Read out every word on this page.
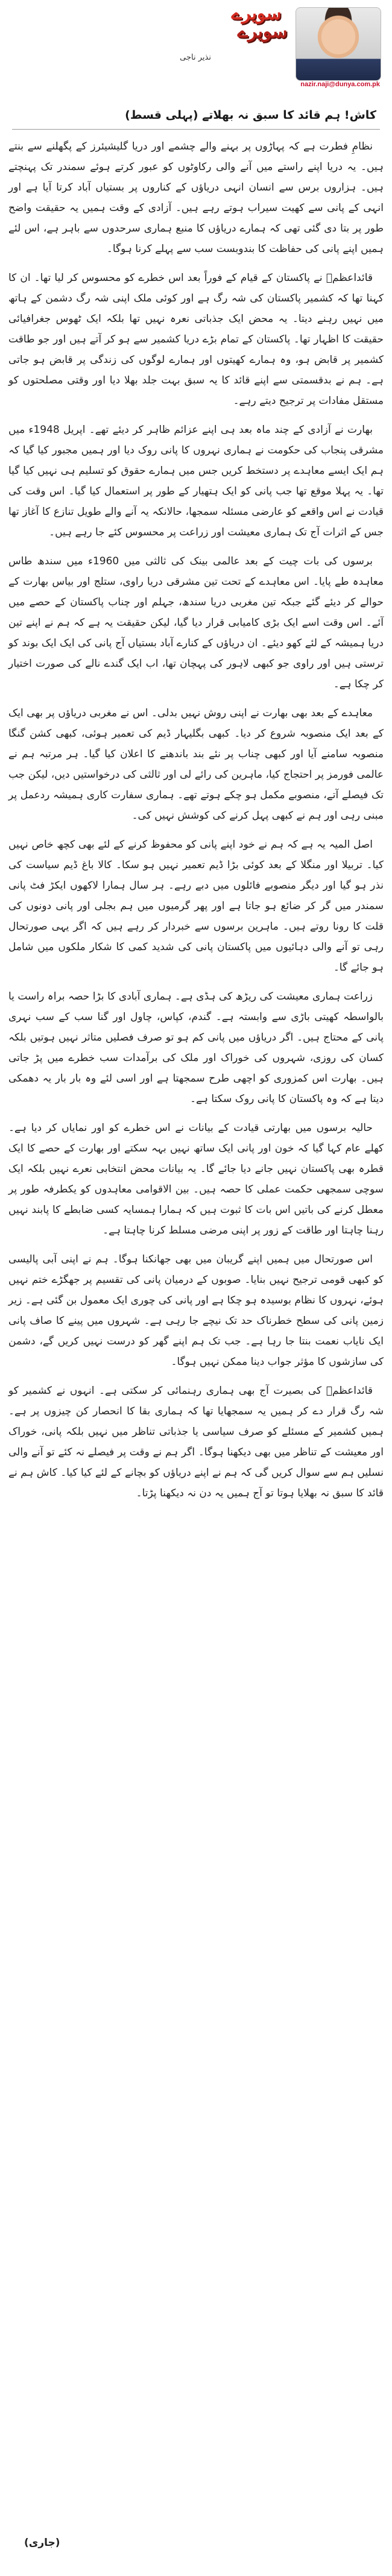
سویرے
سویرے
نذیر ناجی
nazir.naji@dunya.com.pk
کاش! ہم قائد کا سبق نہ بھلاتے (پہلی قسط)

نظامِ فطرت ہے کہ پہاڑوں پر بہنے والے چشمے اور دریا گلیشیئرز کے پگھلنے سے بنتے ہیں۔ یہ دریا اپنے راستے میں آنے والی رکاوٹوں کو عبور کرتے ہوئے سمندر تک پہنچتے ہیں۔ ہزاروں برس سے انسان انہی دریاؤں کے کناروں پر بستیاں آباد کرتا آیا ہے اور انہی کے پانی سے کھیت سیراب ہوتے رہے ہیں۔ آزادی کے وقت ہمیں یہ حقیقت واضح طور پر بتا دی گئی تھی کہ ہمارے دریاؤں کا منبع ہماری سرحدوں سے باہر ہے، اس لئے ہمیں اپنے پانی کی حفاظت کا بندوبست سب سے پہلے کرنا ہوگا۔

قائداعظمؒ نے پاکستان کے قیام کے فوراً بعد اس خطرے کو محسوس کر لیا تھا۔ ان کا کہنا تھا کہ کشمیر پاکستان کی شہ رگ ہے اور کوئی ملک اپنی شہ رگ دشمن کے ہاتھ میں نہیں رہنے دیتا۔ یہ محض ایک جذباتی نعرہ نہیں تھا بلکہ ایک ٹھوس جغرافیائی حقیقت کا اظہار تھا۔ پاکستان کے تمام بڑے دریا کشمیر سے ہو کر آتے ہیں اور جو طاقت کشمیر پر قابض ہو، وہ ہمارے کھیتوں اور ہمارے لوگوں کی زندگی پر قابض ہو جاتی ہے۔ ہم نے بدقسمتی سے اپنے قائد کا یہ سبق بہت جلد بھلا دیا اور وقتی مصلحتوں کو مستقل مفادات پر ترجیح دیتے رہے۔

بھارت نے آزادی کے چند ماہ بعد ہی اپنے عزائم ظاہر کر دیئے تھے۔ اپریل 1948ء میں مشرقی پنجاب کی حکومت نے ہماری نہروں کا پانی روک دیا اور ہمیں مجبور کیا گیا کہ ہم ایک ایسے معاہدے پر دستخط کریں جس میں ہمارے حقوق کو تسلیم ہی نہیں کیا گیا تھا۔ یہ پہلا موقع تھا جب پانی کو ایک ہتھیار کے طور پر استعمال کیا گیا۔ اس وقت کی قیادت نے اس واقعے کو عارضی مسئلہ سمجھا، حالانکہ یہ آنے والے طویل تنازع کا آغاز تھا جس کے اثرات آج تک ہماری معیشت اور زراعت پر محسوس کئے جا رہے ہیں۔

برسوں کی بات چیت کے بعد عالمی بینک کی ثالثی میں 1960ء میں سندھ طاس معاہدہ طے پایا۔ اس معاہدے کے تحت تین مشرقی دریا راوی، ستلج اور بیاس بھارت کے حوالے کر دیئے گئے جبکہ تین مغربی دریا سندھ، جہلم اور چناب پاکستان کے حصے میں آئے۔ اس وقت اسے ایک بڑی کامیابی قرار دیا گیا، لیکن حقیقت یہ ہے کہ ہم نے اپنے تین دریا ہمیشہ کے لئے کھو دیئے۔ ان دریاؤں کے کنارے آباد بستیاں آج پانی کی ایک ایک بوند کو ترستی ہیں اور راوی جو کبھی لاہور کی پہچان تھا، اب ایک گندے نالے کی صورت اختیار کر چکا ہے۔

معاہدے کے بعد بھی بھارت نے اپنی روش نہیں بدلی۔ اس نے مغربی دریاؤں پر بھی ایک کے بعد ایک منصوبہ شروع کر دیا۔ کبھی بگلیہار ڈیم کی تعمیر ہوئی، کبھی کشن گنگا منصوبہ سامنے آیا اور کبھی چناب پر نئے بند باندھنے کا اعلان کیا گیا۔ ہر مرتبہ ہم نے عالمی فورمز پر احتجاج کیا، ماہرین کی رائے لی اور ثالثی کی درخواستیں دیں، لیکن جب تک فیصلے آتے، منصوبے مکمل ہو چکے ہوتے تھے۔ ہماری سفارت کاری ہمیشہ ردعمل پر مبنی رہی اور ہم نے کبھی پہل کرنے کی کوشش نہیں کی۔

اصل المیہ یہ ہے کہ ہم نے خود اپنے پانی کو محفوظ کرنے کے لئے بھی کچھ خاص نہیں کیا۔ تربیلا اور منگلا کے بعد کوئی بڑا ڈیم تعمیر نہیں ہو سکا۔ کالا باغ ڈیم سیاست کی نذر ہو گیا اور دیگر منصوبے فائلوں میں دبے رہے۔ ہر سال ہمارا لاکھوں ایکڑ فٹ پانی سمندر میں گر کر ضائع ہو جاتا ہے اور پھر گرمیوں میں ہم بجلی اور پانی دونوں کی قلت کا رونا روتے ہیں۔ ماہرین برسوں سے خبردار کر رہے ہیں کہ اگر یہی صورتحال رہی تو آنے والی دہائیوں میں پاکستان پانی کی شدید کمی کا شکار ملکوں میں شامل ہو جائے گا۔

زراعت ہماری معیشت کی ریڑھ کی ہڈی ہے۔ ہماری آبادی کا بڑا حصہ براہ راست یا بالواسطہ کھیتی باڑی سے وابستہ ہے۔ گندم، کپاس، چاول اور گنا سب کے سب نہری پانی کے محتاج ہیں۔ اگر دریاؤں میں پانی کم ہو تو صرف فصلیں متاثر نہیں ہوتیں بلکہ کسان کی روزی، شہروں کی خوراک اور ملک کی برآمدات سب خطرے میں پڑ جاتی ہیں۔ بھارت اس کمزوری کو اچھی طرح سمجھتا ہے اور اسی لئے وہ بار بار یہ دھمکی دیتا ہے کہ وہ پاکستان کا پانی روک سکتا ہے۔

حالیہ برسوں میں بھارتی قیادت کے بیانات نے اس خطرے کو اور نمایاں کر دیا ہے۔ کھلے عام کہا گیا کہ خون اور پانی ایک ساتھ نہیں بہہ سکتے اور بھارت کے حصے کا ایک قطرہ بھی پاکستان نہیں جانے دیا جائے گا۔ یہ بیانات محض انتخابی نعرے نہیں بلکہ ایک سوچی سمجھی حکمت عملی کا حصہ ہیں۔ بین الاقوامی معاہدوں کو یکطرفہ طور پر معطل کرنے کی باتیں اس بات کا ثبوت ہیں کہ ہمارا ہمسایہ کسی ضابطے کا پابند نہیں رہنا چاہتا اور طاقت کے زور پر اپنی مرضی مسلط کرنا چاہتا ہے۔

اس صورتحال میں ہمیں اپنے گریبان میں بھی جھانکنا ہوگا۔ ہم نے اپنی آبی پالیسی کو کبھی قومی ترجیح نہیں بنایا۔ صوبوں کے درمیان پانی کی تقسیم پر جھگڑے ختم نہیں ہوئے، نہروں کا نظام بوسیدہ ہو چکا ہے اور پانی کی چوری ایک معمول بن گئی ہے۔ زیر زمین پانی کی سطح خطرناک حد تک نیچے جا رہی ہے۔ شہروں میں پینے کا صاف پانی ایک نایاب نعمت بنتا جا رہا ہے۔ جب تک ہم اپنے گھر کو درست نہیں کریں گے، دشمن کی سازشوں کا مؤثر جواب دینا ممکن نہیں ہوگا۔

قائداعظمؒ کی بصیرت آج بھی ہماری رہنمائی کر سکتی ہے۔ انہوں نے کشمیر کو شہ رگ قرار دے کر ہمیں یہ سمجھایا تھا کہ ہماری بقا کا انحصار کن چیزوں پر ہے۔ ہمیں کشمیر کے مسئلے کو صرف سیاسی یا جذباتی تناظر میں نہیں بلکہ پانی، خوراک اور معیشت کے تناظر میں بھی دیکھنا ہوگا۔ اگر ہم نے وقت پر فیصلے نہ کئے تو آنے والی نسلیں ہم سے سوال کریں گی کہ ہم نے اپنے دریاؤں کو بچانے کے لئے کیا کیا۔ کاش ہم نے قائد کا سبق نہ بھلایا ہوتا تو آج ہمیں یہ دن نہ دیکھنا پڑتا۔

(جاری)
